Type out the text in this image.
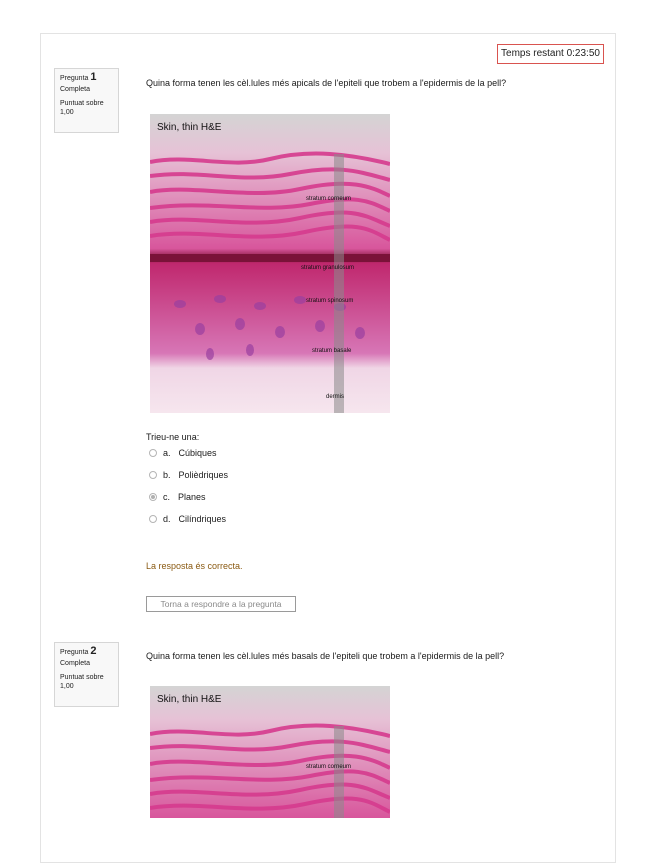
Temps restant 0:23:50
Pregunta 1
Completa
Puntuat sobre 1,00
Quina forma tenen les cèl.lules més apicals de l'epiteli que trobem a l'epidermis de la pell?
Skin, thin H&E
stratum corneum
stratum granulosum
stratum spinosum
stratum basale
dermis
Trieu-ne una:
a. Cúbiques
b. Polièdriques
c. Planes
d. Cilíndriques
La resposta és correcta.
Torna a respondre a la pregunta
Pregunta 2
Completa
Puntuat sobre 1,00
Quina forma tenen les cèl.lules més basals de l'epiteli que trobem a l'epidermis de la pell?
Skin, thin H&E
stratum corneum
